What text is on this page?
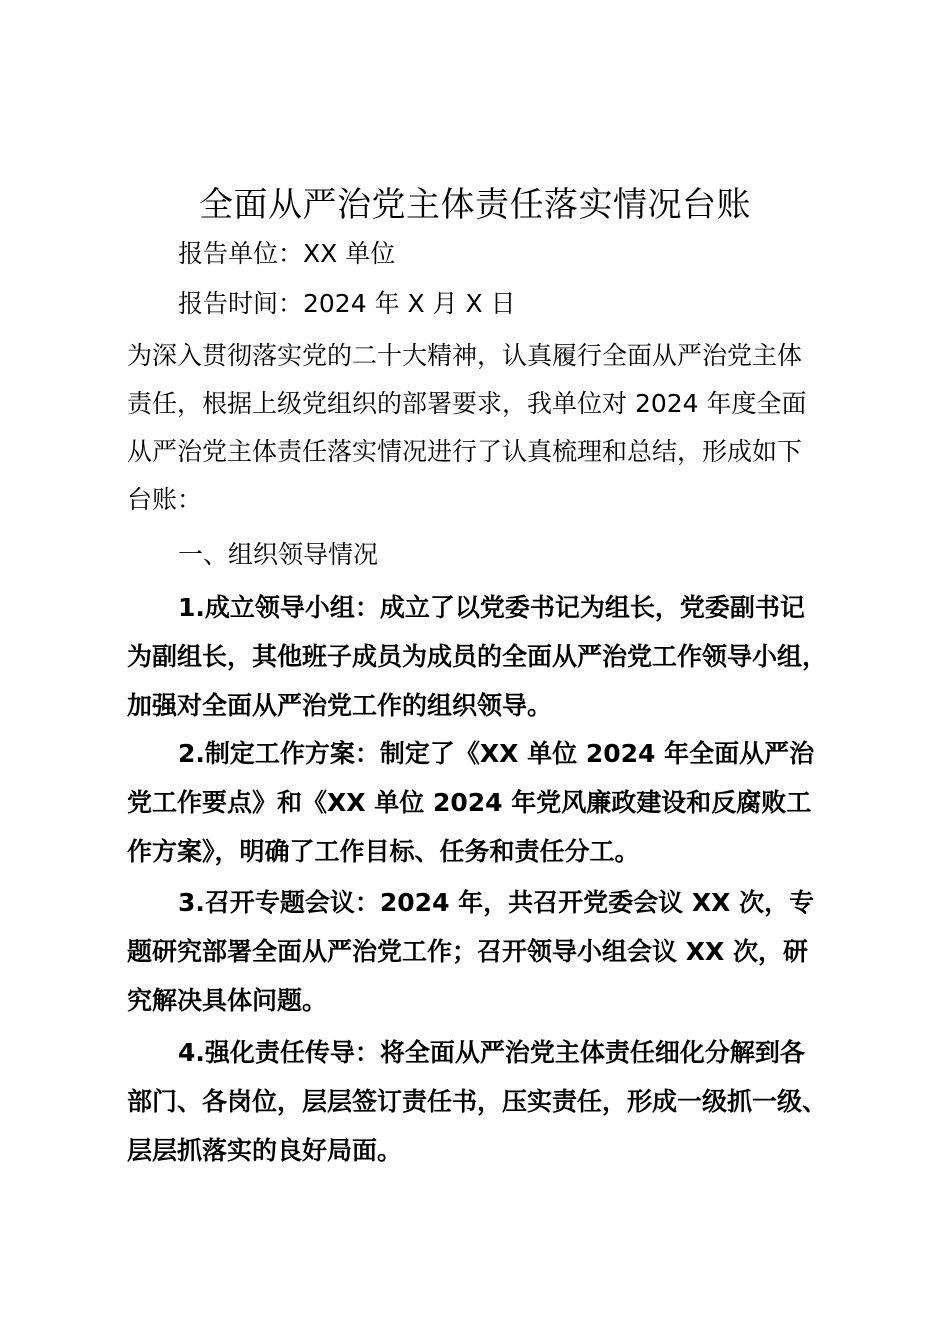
全面从严治党主体责任落实情况台账
报告单位：XX 单位
报告时间：2024 年 X 月 X 日
为深入贯彻落实党的二十大精神，认真履行全面从严治党主体
责任，根据上级党组织的部署要求，我单位对 2024 年度全面
从严治党主体责任落实情况进行了认真梳理和总结，形成如下
台账：
一、组织领导情况
1.成立领导小组：成立了以党委书记为组长，党委副书记
为副组长，其他班子成员为成员的全面从严治党工作领导小组，
加强对全面从严治党工作的组织领导。
2.制定工作方案：制定了《XX 单位 2024 年全面从严治
党工作要点》和《XX 单位 2024 年党风廉政建设和反腐败工
作方案》，明确了工作目标、任务和责任分工。
3.召开专题会议：2024 年，共召开党委会议 XX 次，专
题研究部署全面从严治党工作；召开领导小组会议 XX 次，研
究解决具体问题。
4.强化责任传导：将全面从严治党主体责任细化分解到各
部门、各岗位，层层签订责任书，压实责任，形成一级抓一级、
层层抓落实的良好局面。
